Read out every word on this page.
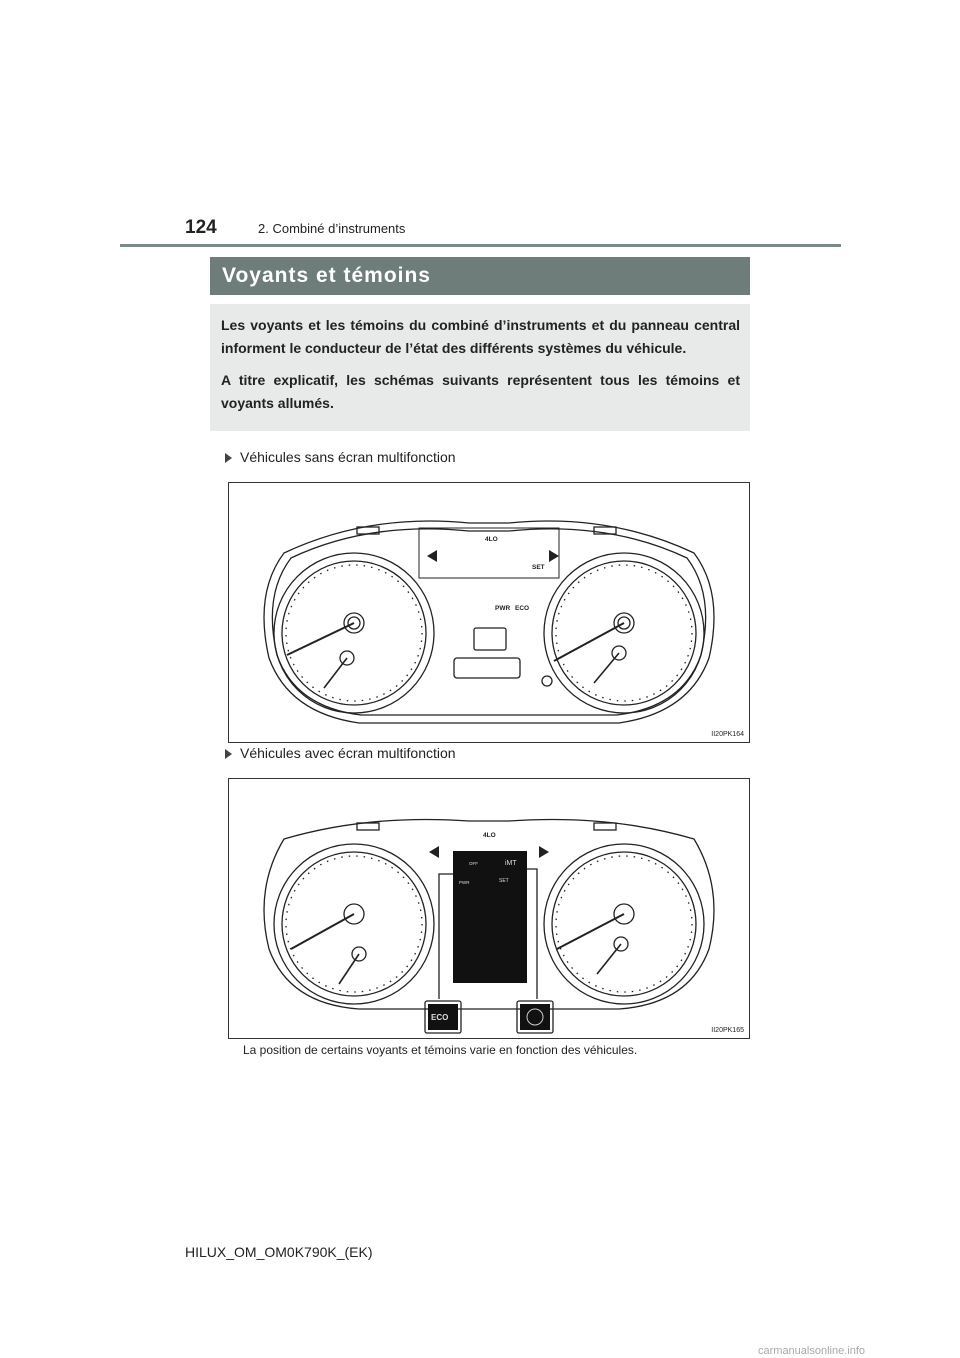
124	2. Combiné d’instruments
Voyants et témoins

Les voyants et les témoins du combiné d’instruments et du panneau central informent le conducteur de l’état des différents systèmes du véhicule.

A titre explicatif, les schémas suivants représentent tous les témoins et voyants allumés.

Véhicules sans écran multifonction
4LO
PWR ECO
SET
II20PK164
Véhicules avec écran multifonction
4LO
ECO
iMT
PWR	SET
OFF
II20PK165
La position de certains voyants et témoins varie en fonction des véhicules.
HILUX_OM_OM0K790K_(EK)
carmanualsonline.info
